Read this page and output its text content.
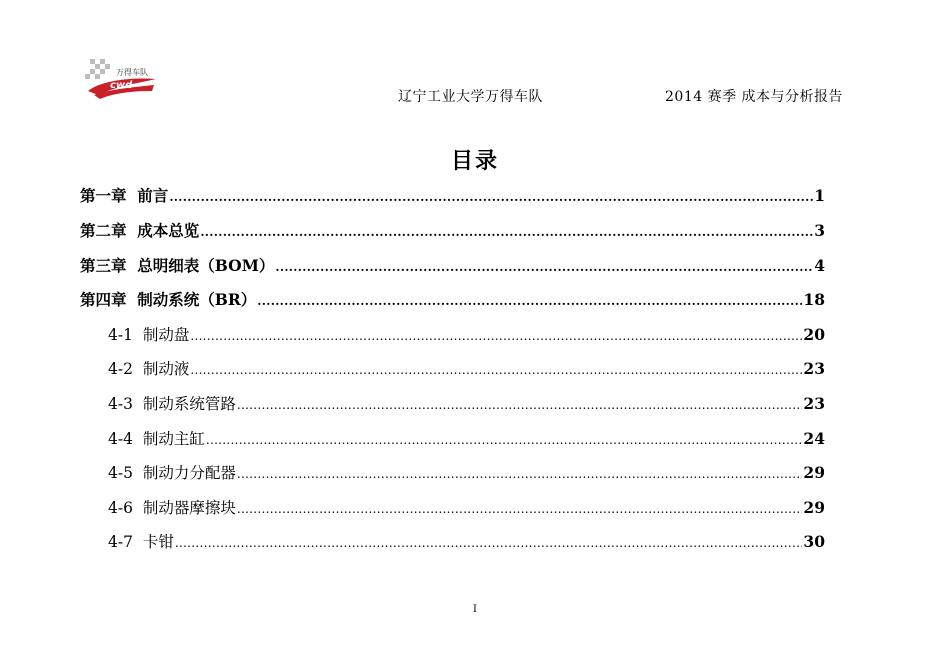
cwd
万得车队
辽宁工业大学万得车队	2014 赛季 成本与分析报告
目录
第一章 前言 .....	1
第二章 成本总览 .....	3
第三章 总明细表（BOM） .....	4
第四章 制动系统（BR） .....	18
4-1 制动盘 .....	20
4-2 制动液 .....	23
4-3 制动系统管路 .....	23
4-4 制动主缸 .....	24
4-5 制动力分配器 .....	29
4-6 制动器摩擦块 .....	29
4-7 卡钳 .....	30
I
